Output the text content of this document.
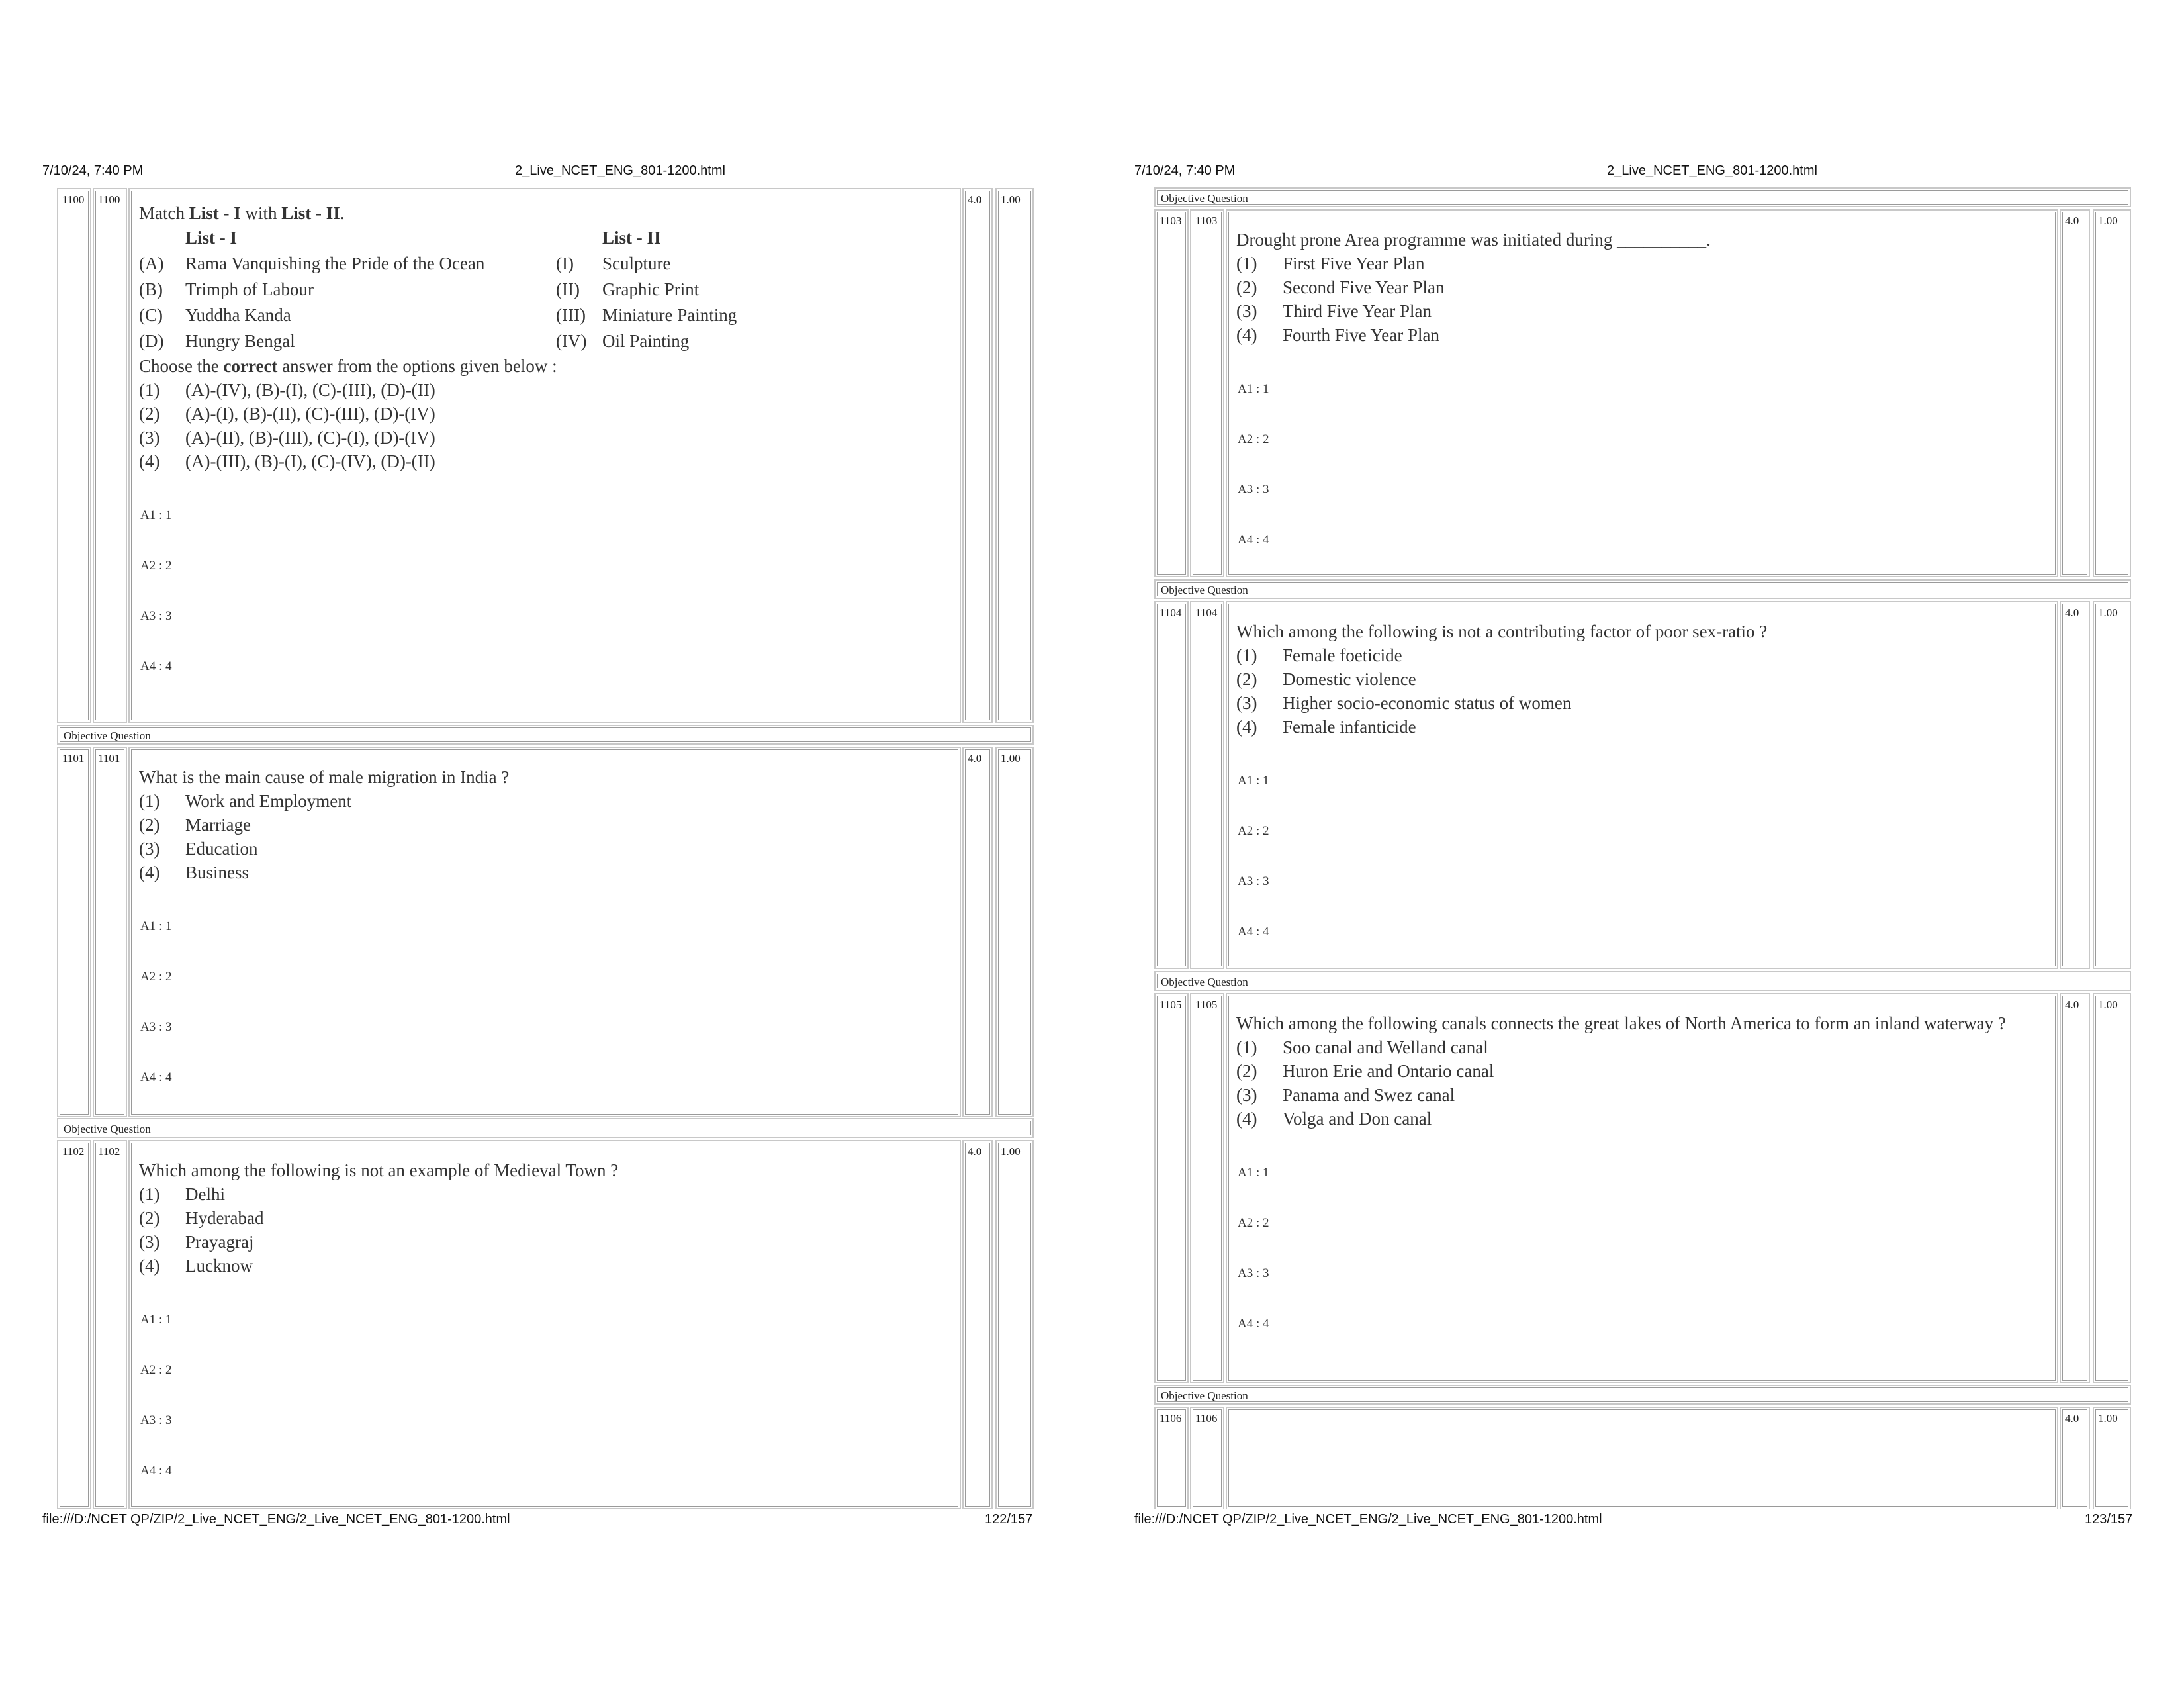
7/10/24, 7:40 PM	2_Live_NCET_ENG_801-1200.html
1100	1100
Match List - I with List - II.
List - I	List - II
(A)	Rama Vanquishing the Pride of the Ocean	(I)	Sculpture
(B)	Trimph of Labour	(II)	Graphic Print
(C)	Yuddha Kanda	(III) Miniature Painting
(D)	Hungry Bengal	(IV) Oil Painting
Choose the correct answer from the options given below :
(1)	(A)-(IV), (B)-(I), (C)-(III), (D)-(II)
(2)	(A)-(I), (B)-(II), (C)-(III), (D)-(IV)
(3)	(A)-(II), (B)-(III), (C)-(I), (D)-(IV)
(4)	(A)-(III), (B)-(I), (C)-(IV), (D)-(II)
A1 : 1
A2 : 2
A3 : 3
A4 : 4
4.0	1.00
Objective Question
1101	1101
What is the main cause of male migration in India ?
(1)	Work and Employment
(2)	Marriage
(3)	Education
(4)	Business
A1 : 1
A2 : 2
A3 : 3
A4 : 4
4.0	1.00
Objective Question
1102	1102
Which among the following is not an example of Medieval Town ?
(1)	Delhi
(2)	Hyderabad
(3)	Prayagraj
(4)	Lucknow
A1 : 1
A2 : 2
A3 : 3
A4 : 4
4.0	1.00
file:///D:/NCET QP/ZIP/2_Live_NCET_ENG/2_Live_NCET_ENG_801-1200.html	122/157
7/10/24, 7:40 PM	2_Live_NCET_ENG_801-1200.html
Objective Question
1103	1103
Drought prone Area programme was initiated during __________.
(1)	First Five Year Plan
(2)	Second Five Year Plan
(3)	Third Five Year Plan
(4)	Fourth Five Year Plan
A1 : 1
A2 : 2
A3 : 3
A4 : 4
4.0	1.00
Objective Question
1104	1104
Which among the following is not a contributing factor of poor sex-ratio ?
(1)	Female foeticide
(2)	Domestic violence
(3)	Higher socio-economic status of women
(4)	Female infanticide
A1 : 1
A2 : 2
A3 : 3
A4 : 4
4.0	1.00
Objective Question
1105	1105
Which among the following canals connects the great lakes of North America to form an inland waterway ?
(1)	Soo canal and Welland canal
(2)	Huron Erie and Ontario canal
(3)	Panama and Swez canal
(4)	Volga and Don canal
A1 : 1
A2 : 2
A3 : 3
A4 : 4
4.0	1.00
Objective Question
1106	1106	4.0	1.00
file:///D:/NCET QP/ZIP/2_Live_NCET_ENG/2_Live_NCET_ENG_801-1200.html	123/157
